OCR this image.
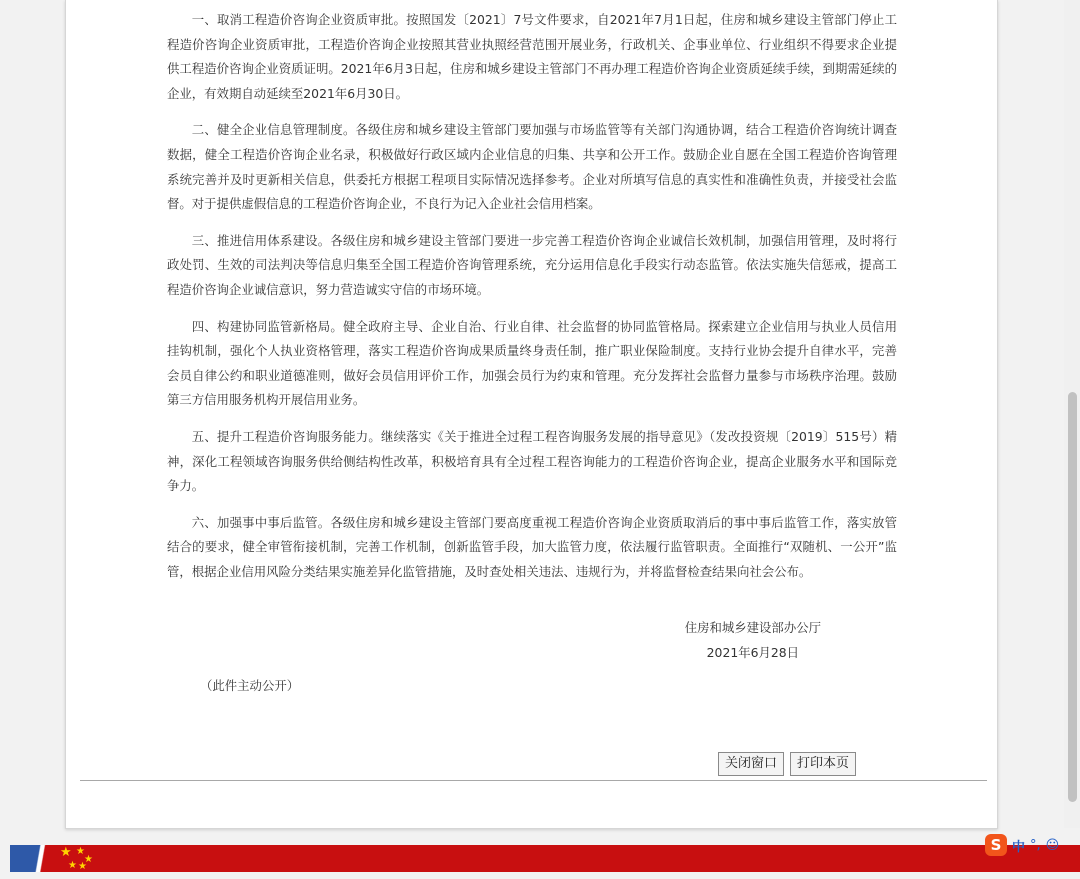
一、取消工程造价咨询企业资质审批。按照国发〔2021〕7号文件要求，自2021年7月1日起，住房和城乡建设主管部门停止工程造价咨询企业资质审批，工程造价咨询企业按照其营业执照经营范围开展业务，行政机关、企事业单位、行业组织不得要求企业提供工程造价咨询企业资质证明。2021年6月3日起，住房和城乡建设主管部门不再办理工程造价咨询企业资质延续手续，到期需延续的企业，有效期自动延续至2021年6月30日。

二、健全企业信息管理制度。各级住房和城乡建设主管部门要加强与市场监管等有关部门沟通协调，结合工程造价咨询统计调查数据，健全工程造价咨询企业名录，积极做好行政区域内企业信息的归集、共享和公开工作。鼓励企业自愿在全国工程造价咨询管理系统完善并及时更新相关信息，供委托方根据工程项目实际情况选择参考。企业对所填写信息的真实性和准确性负责，并接受社会监督。对于提供虚假信息的工程造价咨询企业，不良行为记入企业社会信用档案。

三、推进信用体系建设。各级住房和城乡建设主管部门要进一步完善工程造价咨询企业诚信长效机制，加强信用管理，及时将行政处罚、生效的司法判决等信息归集至全国工程造价咨询管理系统，充分运用信息化手段实行动态监管。依法实施失信惩戒，提高工程造价咨询企业诚信意识，努力营造诚实守信的市场环境。

四、构建协同监管新格局。健全政府主导、企业自治、行业自律、社会监督的协同监管格局。探索建立企业信用与执业人员信用挂钩机制，强化个人执业资格管理，落实工程造价咨询成果质量终身责任制，推广职业保险制度。支持行业协会提升自律水平，完善会员自律公约和职业道德准则，做好会员信用评价工作，加强会员行为约束和管理。充分发挥社会监督力量参与市场秩序治理。鼓励第三方信用服务机构开展信用业务。

五、提升工程造价咨询服务能力。继续落实《关于推进全过程工程咨询服务发展的指导意见》（发改投资规〔2019〕515号）精神，深化工程领域咨询服务供给侧结构性改革，积极培育具有全过程工程咨询能力的工程造价咨询企业，提高企业服务水平和国际竞争力。

六、加强事中事后监管。各级住房和城乡建设主管部门要高度重视工程造价咨询企业资质取消后的事中事后监管工作，落实放管结合的要求，健全审管衔接机制，完善工作机制，创新监管手段，加大监管力度，依法履行监管职责。全面推行“双随机、一公开”监管，根据企业信用风险分类结果实施差异化监管措施，及时查处相关违法、违规行为，并将监督检查结果向社会公布。

住房和城乡建设部办公厅
2021年6月28日
（此件主动公开）
关闭窗口	打印本页
★ ★
★
★
★
S 中 °, ☺
